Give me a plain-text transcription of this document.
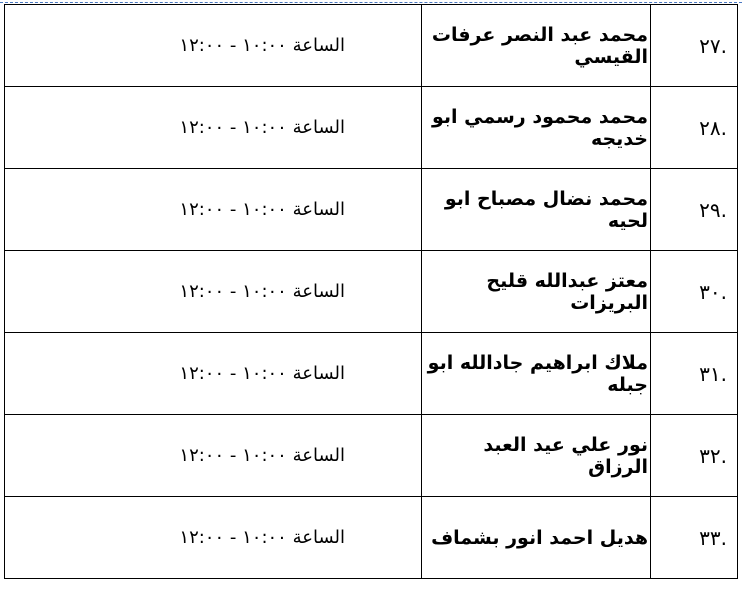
.٢٧	محمد عبد النصر عرفات القيسي	الساعة ١٠:٠٠ - ١٢:٠٠
.٢٨	محمد محمود رسمي ابو خديجه	الساعة ١٠:٠٠ - ١٢:٠٠
.٢٩	محمد نضال مصباح ابو لحيه	الساعة ١٠:٠٠ - ١٢:٠٠
.٣٠	معتز عبدالله قليح البريزات	الساعة ١٠:٠٠ - ١٢:٠٠
.٣١	ملاك ابراهيم جادالله ابو جبله	الساعة ١٠:٠٠ - ١٢:٠٠
.٣٢	نور علي عيد العبد الرزاق	الساعة ١٠:٠٠ - ١٢:٠٠
.٣٣	هديل احمد انور بشماف	الساعة ١٠:٠٠ - ١٢:٠٠
